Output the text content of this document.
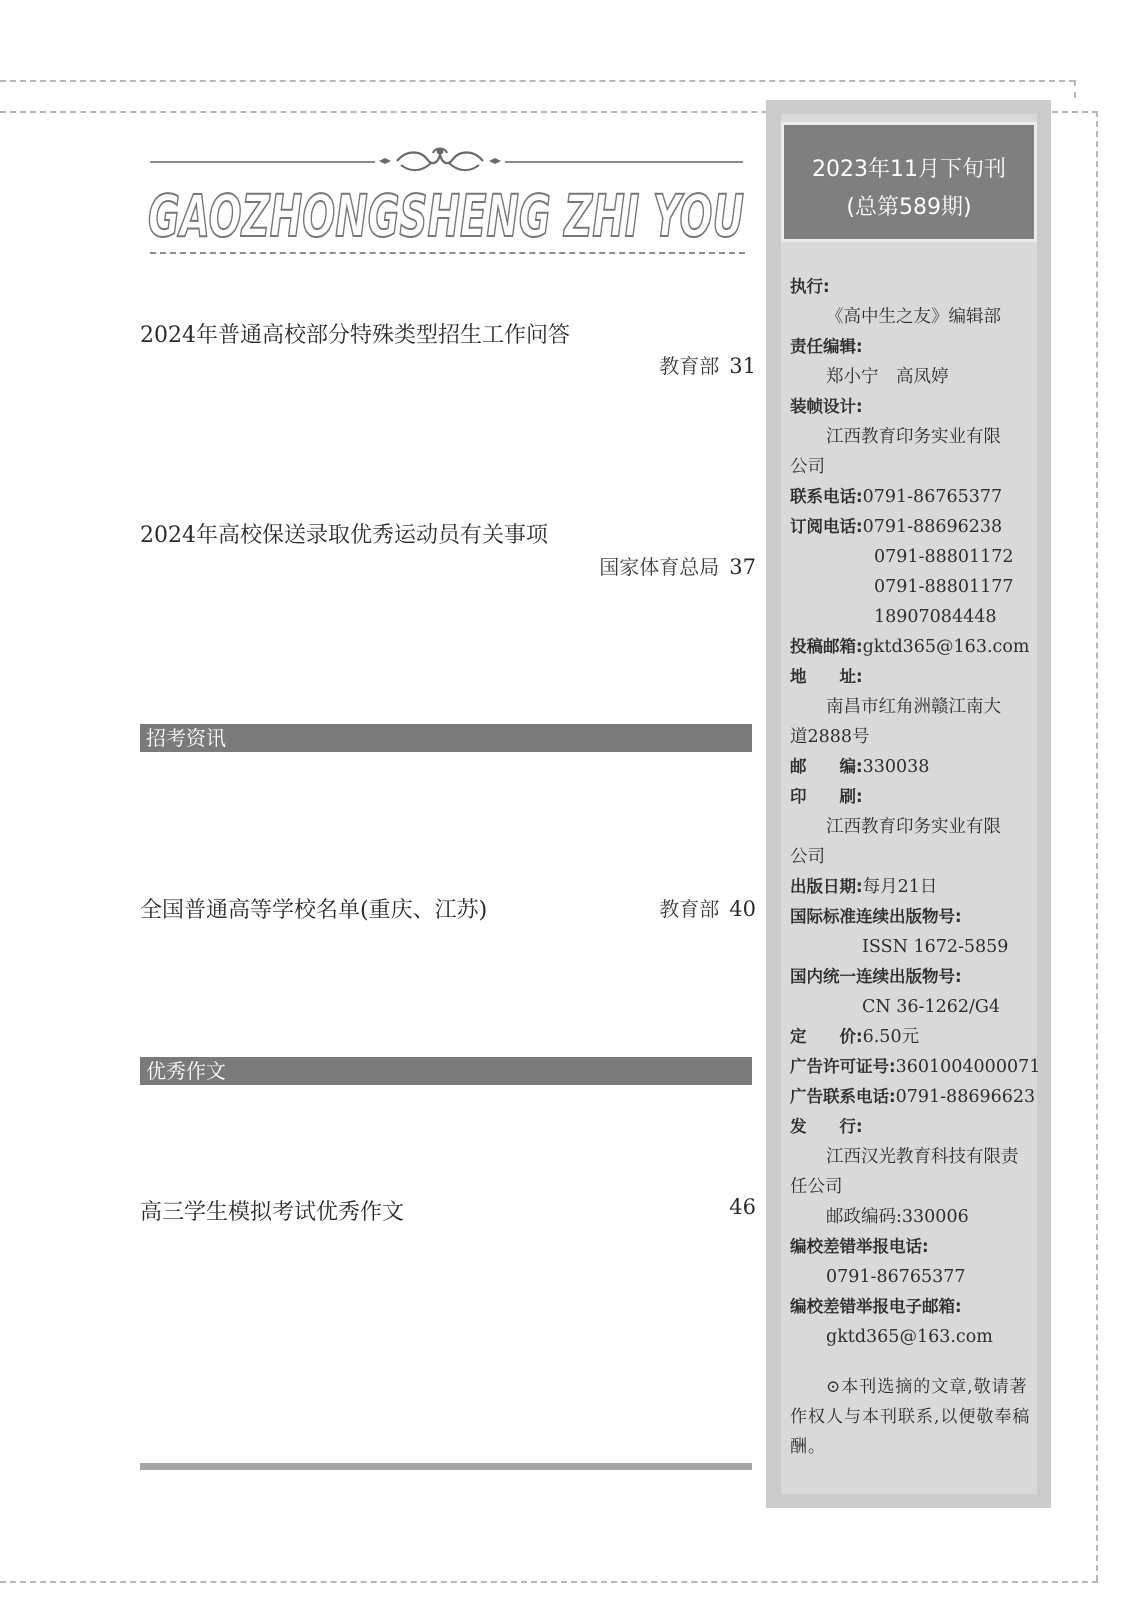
GAOZHONGSHENG ZHI YOU
2024年普通高校部分特殊类型招生工作问答
教育部 31
2024年高校保送录取优秀运动员有关事项
国家体育总局 37
招考资讯
全国普通高等学校名单(重庆、江苏)	教育部 40
优秀作文
高三学生模拟考试优秀作文	46
2023年11月下旬刊
(总第589期)
执行:
《高中生之友》编辑部
责任编辑:
郑小宁　高凤婷
装帧设计:
江西教育印务实业有限
公司
联系电话:0791-86765377
订阅电话:0791-88696238
0791-88801172
0791-88801177
18907084448
投稿邮箱:gktd365@163.com
地　　址:
南昌市红角洲赣江南大
道2888号
邮　　编:330038
印　　刷:
江西教育印务实业有限
公司
出版日期:每月21日
国际标准连续出版物号:
ISSN 1672-5859
国内统一连续出版物号:
CN 36-1262/G4
定　　价:6.50元
广告许可证号:3601004000071
广告联系电话:0791-88696623
发　　行:
江西汉光教育科技有限责
任公司
邮政编码:330006
编校差错举报电话:
0791-86765377
编校差错举报电子邮箱:
gktd365@163.com
⊙本刊选摘的文章,敬请著作权人与本刊联系,以便敬奉稿酬。
